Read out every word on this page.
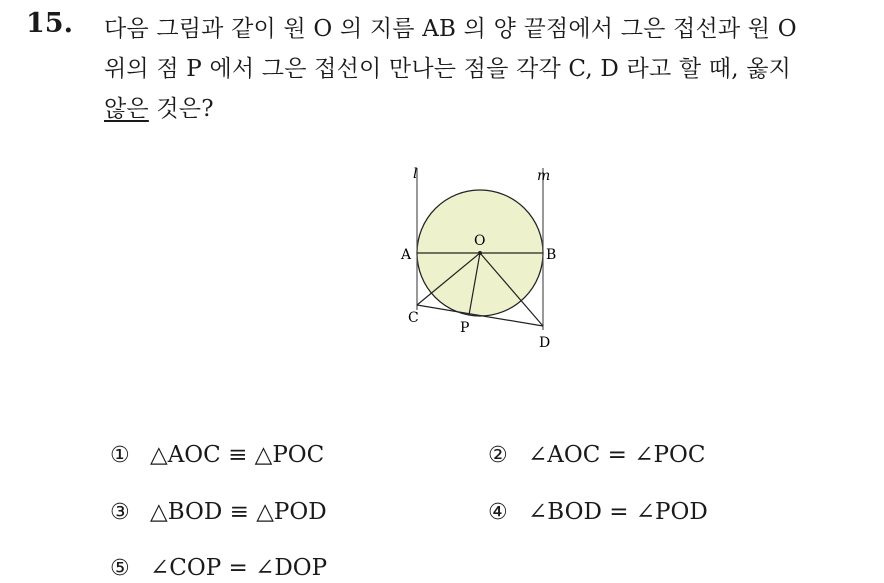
15. 다음 그림과 같이 원 O 의 지름 AB 의 양 끝점에서 그은 접선과 원 O
위의 점 P 에서 그은 접선이 만나는 점을 각각 C, D 라고 할 때, 옳지
않은 것은?
l	m
A	B
O
C
P
D
① △AOC ≡ △POC	② ∠AOC = ∠POC
③ △BOD ≡ △POD	④ ∠BOD = ∠POD
⑤ ∠COP = ∠DOP
